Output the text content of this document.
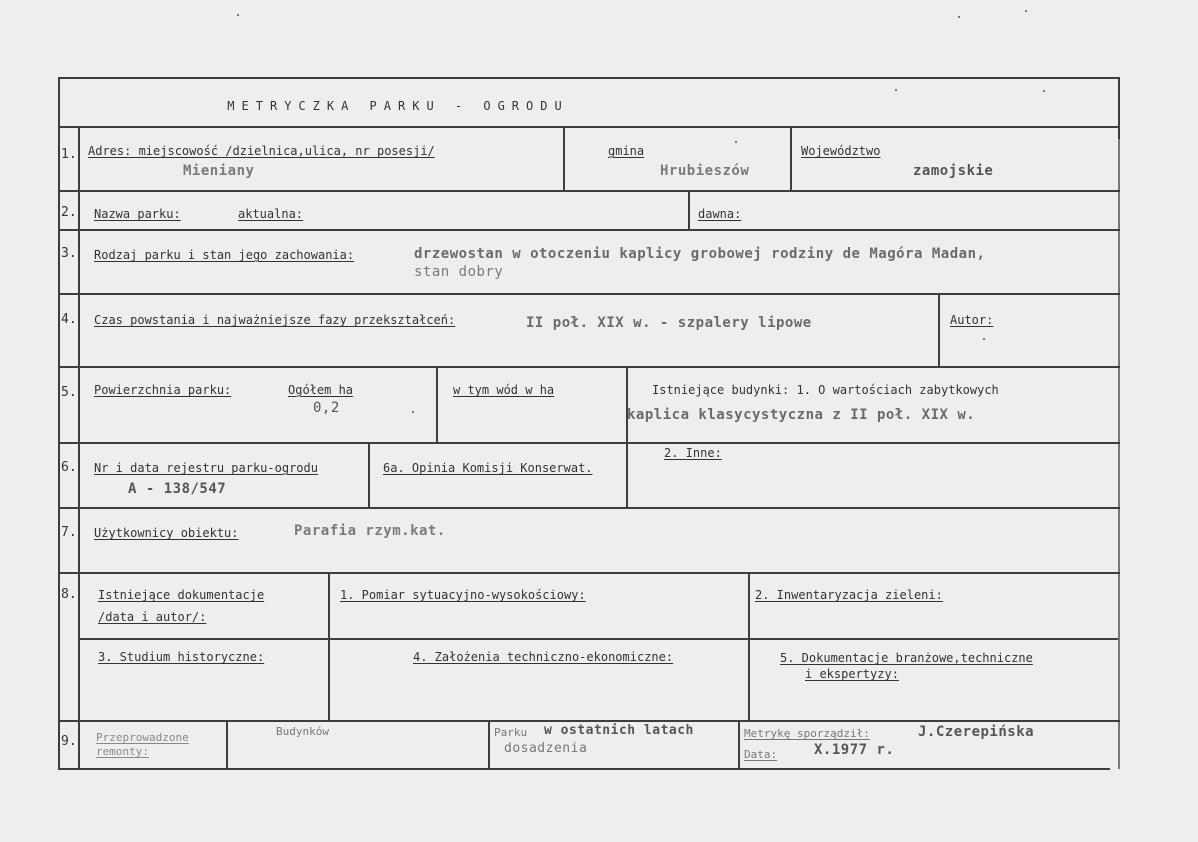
METRYCZKA PARKU - OGRODU
1. Adres: miejscowość /dzielnica,ulica, nr posesji/
Mieniany
gmina
Hrubieszów
Województwo
zamojskie
2. Nazwa parku:	aktualna:	dawna:
3. Rodzaj parku i stan jego zachowania:	drzewostan w otoczeniu kaplicy grobowej rodziny de Magóra Madan,
stan dobry
4. Czas powstania i najważniejsze fazy przekształceń:	II poł. XIX w. - szpalery lipowe	Autor:
5. Powierzchnia parku:	Ogółem ha
0,2
w tym wód w ha	Istniejące budynki: 1. O wartościach zabytkowych
kaplica klasycystyczna z II poł. XIX w.
6. Nr i data rejestru parku-ogrodu
A - 138/547
6a. Opinia Komisji Konserwat.
2. Inne:
7. Użytkownicy obiektu:	Parafia rzym.kat.
8. Istniejące dokumentacje
/data i autor/:
1. Pomiar sytuacyjno-wysokościowy:	2. Inwentaryzacja zieleni:
3. Studium historyczne:	4. Założenia techniczno-ekonomiczne:	5. Dokumentacje branżowe,techniczne
i ekspertyzy:
9. Przeprowadzone
remonty:
Budynków	Parku w ostatnich latach
dosadzenia
Metrykę sporządził:	J.Czerepińska
Data:	X.1977 r.
